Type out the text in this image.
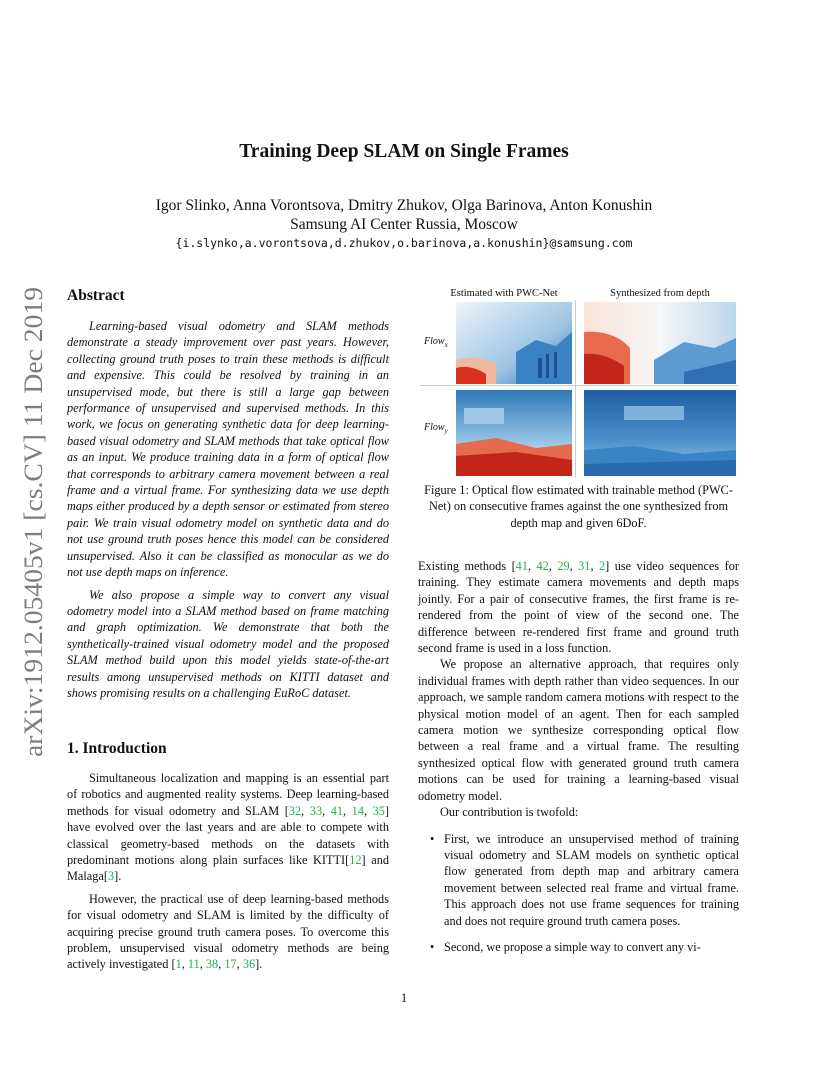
arXiv:1912.05405v1 [cs.CV] 11 Dec 2019
Training Deep SLAM on Single Frames
Igor Slinko, Anna Vorontsova, Dmitry Zhukov, Olga Barinova, Anton Konushin
Samsung AI Center Russia, Moscow
{i.slynko,a.vorontsova,d.zhukov,o.barinova,a.konushin}@samsung.com
Abstract

Learning-based visual odometry and SLAM methods demonstrate a steady improvement over past years. However, collecting ground truth poses to train these methods is difficult and expensive. This could be resolved by training in an unsupervised mode, but there is still a large gap between performance of unsupervised and supervised methods. In this work, we focus on generating synthetic data for deep learning-based visual odometry and SLAM methods that take optical flow as an input. We produce training data in a form of optical flow that corresponds to arbitrary camera movement between a real frame and a virtual frame. For synthesizing data we use depth maps either produced by a depth sensor or estimated from stereo pair. We train visual odometry model on synthetic data and do not use ground truth poses hence this model can be considered unsupervised. Also it can be classified as monocular as we do not use depth maps on inference.

We also propose a simple way to convert any visual odometry model into a SLAM method based on frame matching and graph optimization. We demonstrate that both the synthetically-trained visual odometry model and the proposed SLAM method build upon this model yields state-of-the-art results among unsupervised methods on KITTI dataset and shows promising results on a challenging EuRoC dataset.

1. Introduction

Simultaneous localization and mapping is an essential part of robotics and augmented reality systems. Deep learning-based methods for visual odometry and SLAM [32, 33, 41, 14, 35] have evolved over the last years and are able to compete with classical geometry-based methods on the datasets with predominant motions along plain surfaces like KITTI[12] and Malaga[3].

However, the practical use of deep learning-based methods for visual odometry and SLAM is limited by the difficulty of acquiring precise ground truth camera poses. To overcome this problem, unsupervised visual odometry methods are being actively investigated [1, 11, 38, 17, 36].

Estimated with PWC-Net	Synthesized from depth
Flow$_x$
Flow$_y$
Figure 1: Optical flow estimated with trainable method (PWC-Net) on consecutive frames against the one synthesized from depth map and given 6DoF.

Existing methods [41, 42, 29, 31, 2] use video sequences for training. They estimate camera movements and depth maps jointly. For a pair of consecutive frames, the first frame is re-rendered from the point of view of the second one. The difference between re-rendered first frame and ground truth second frame is used in a loss function.

We propose an alternative approach, that requires only individual frames with depth rather than video sequences. In our approach, we sample random camera motions with respect to the physical motion model of an agent. Then for each sampled camera motion we synthesize corresponding optical flow between a real frame and a virtual frame. The resulting synthesized optical flow with generated ground truth camera motions can be used for training a learning-based visual odometry model.

Our contribution is twofold:

• First, we introduce an unsupervised method of training visual odometry and SLAM models on synthetic optical flow generated from depth map and arbitrary camera movement between selected real frame and virtual frame. This approach does not use frame sequences for training and does not require ground truth camera poses.
• Second, we propose a simple way to convert any vi-
1
